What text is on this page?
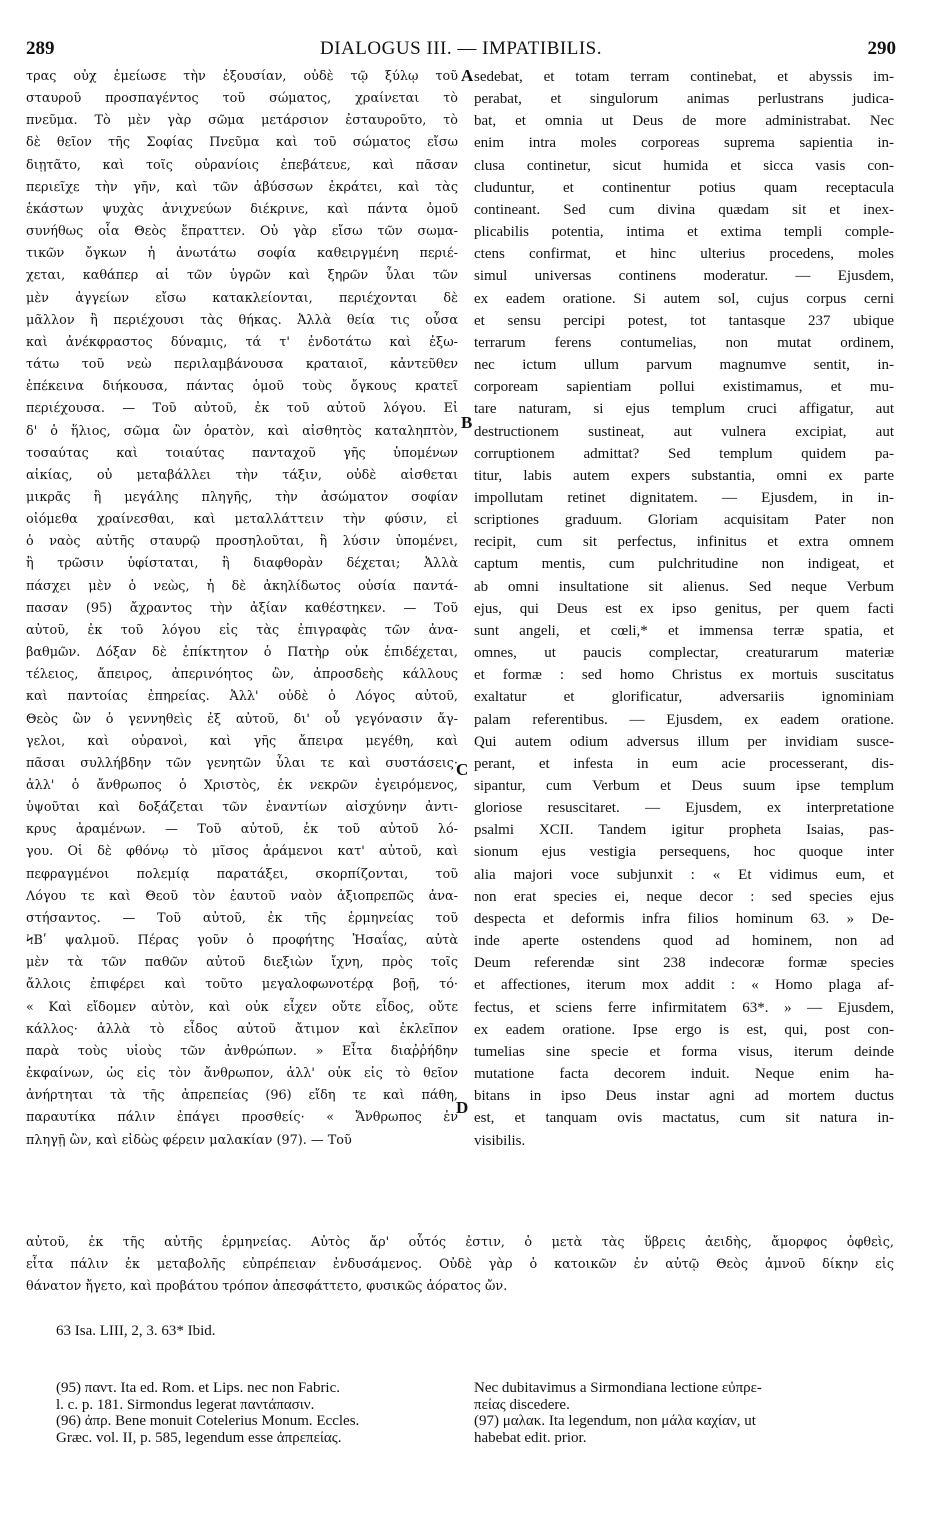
289	DIALOGUS III. — IMPATIBILIS.	290
τρας οὐχ ἐμείωσε τὴν ἐξουσίαν, οὐδὲ τῷ ξύλῳ τοῦ
σταυροῦ προσπαγέντος τοῦ σώματος, χραίνεται τὸ
πνεῦμα. Τὸ μὲν γὰρ σῶμα μετάρσιον ἐσταυροῦτο, τὸ
δὲ θεῖον τῆς Σοφίας Πνεῦμα καὶ τοῦ σώματος εἴσω
διῃτᾶτο, καὶ τοῖς οὐρανίοις ἐπεβάτευε, καὶ πᾶσαν
περιεῖχε τὴν γῆν, καὶ τῶν ἀβύσσων ἐκράτει, καὶ τὰς
ἑκάστων ψυχὰς ἀνιχνεύων διέκρινε, καὶ πάντα ὁμοῦ
συνήθως οἷα Θεὸς ἔπραττεν. Οὐ γὰρ εἴσω τῶν σωμα-
τικῶν ὄγκων ἡ ἀνωτάτω σοφία καθειργμένη περιέ-
χεται, καθάπερ αἱ τῶν ὑγρῶν καὶ ξηρῶν ὗλαι τῶν
μὲν ἀγγείων εἴσω κατακλείονται, περιέχονται δὲ
μᾶλλον ἢ περιέχουσι τὰς θήκας. Ἀλλὰ θεία τις οὖσα
καὶ ἀνέκφραστος δύναμις, τά τ' ἐνδοτάτω καὶ ἐξω-
τάτω τοῦ νεὼ περιλαμβάνουσα κραταιοῖ, κἀντεῦθεν
ἐπέκεινα διήκουσα, πάντας ὁμοῦ τοὺς ὄγκους κρατεῖ
περιέχουσα. — Τοῦ αὐτοῦ, ἐκ τοῦ αὐτοῦ λόγου. Εἰ
δ' ὁ ἥλιος, σῶμα ὢν ὁρατὸν, καὶ αἰσθητὸς καταληπτὸν,
τοσαύτας καὶ τοιαύτας πανταχοῦ γῆς ὑπομένων
αἰκίας, οὐ μεταβάλλει τὴν τάξιν, οὐδὲ αἰσθεται
μικρᾶς ἢ μεγάλης πληγῆς, τὴν ἀσώματον σοφίαν
οἰόμεθα χραίνεσθαι, καὶ μεταλλάττειν τὴν φύσιν, εἰ
ὁ ναὸς αὐτῆς σταυρῷ προσηλοῦται, ἢ λύσιν ὑπομένει,
ἢ τρῶσιν ὑφίσταται, ἢ διαφθορὰν δέχεται; Ἀλλὰ
πάσχει μὲν ὁ νεὼς, ἡ δὲ ἀκηλίδωτος οὐσία παντά-
πασαν (95) ἄχραντος τὴν ἀξίαν καθέστηκεν. — Τοῦ
αὐτοῦ, ἐκ τοῦ λόγου εἰς τὰς ἐπιγραφὰς τῶν ἀνα-
βαθμῶν. Δόξαν δὲ ἐπίκτητον ὁ Πατὴρ οὐκ ἐπιδέχεται,
τέλειος, ἄπειρος, ἀπερινόητος ὢν, ἀπροσδεὴς κάλλους
καὶ παντοίας ἐπηρείας. Ἀλλ' οὐδὲ ὁ Λόγος αὐτοῦ,
Θεὸς ὢν ὁ γεννηθεὶς ἐξ αὐτοῦ, δι' οὗ γεγόνασιν ἄγ-
γελοι, καὶ οὐρανοὶ, καὶ γῆς ἄπειρα μεγέθη, καὶ
πᾶσαι συλλήβδην τῶν γενητῶν ὗλαι τε καὶ συστάσεις·
ἀλλ' ὁ ἄνθρωπος ὁ Χριστὸς, ἐκ νεκρῶν ἐγειρόμενος,
ὑψοῦται καὶ δοξάζεται τῶν ἐναντίων αἰσχύνην ἀντι-
κρυς ἀραμένων. — Τοῦ αὐτοῦ, ἐκ τοῦ αὐτοῦ λό-
γου. Οἱ δὲ φθόνῳ τὸ μῖσος ἀράμενοι κατ' αὐτοῦ, καὶ
πεφραγμένοι πολεμίᾳ παρατάξει, σκορπίζονται, τοῦ
Λόγου τε καὶ Θεοῦ τὸν ἑαυτοῦ ναὸν ἀξιοπρεπῶς ἀνα-
στήσαντος. — Τοῦ αὐτοῦ, ἐκ τῆς ἑρμηνείας τοῦ
ϞΒʹ ψαλμοῦ. Πέρας γοῦν ὁ προφήτης Ἡσαΐας, αὐτὰ
μὲν τὰ τῶν παθῶν αὐτοῦ διεξιὼν ἴχνη, πρὸς τοῖς
ἄλλοις ἐπιφέρει καὶ τοῦτο μεγαλοφωνοτέρᾳ βοῇ, τό·
« Καὶ εἴδομεν αὐτὸν, καὶ οὐκ εἶχεν οὔτε εἶδος, οὔτε
κάλλος· ἀλλὰ τὸ εἶδος αὐτοῦ ἄτιμον καὶ ἐκλεῖπον
παρὰ τοὺς υἱοὺς τῶν ἀνθρώπων. » Εἶτα διαῤῥήδην
ἐκφαίνων, ὡς εἰς τὸν ἄνθρωπον, ἀλλ' οὐκ εἰς τὸ θεῖον
ἀνήρτηται τὰ τῆς ἀπρεπείας (96) εἴδη τε καὶ πάθη,
παραυτίκα πάλιν ἐπάγει προσθείς· « Ἄνθρωπος ἐν
πληγῇ ὢν, καὶ εἰδὼς φέρειν μαλακίαν (97). — Τοῦ
sedebat, et totam terram continebat, et abyssis im-
perabat, et singulorum animas perlustrans judica-
bat, et omnia ut Deus de more administrabat. Nec
enim intra moles corporeas suprema sapientia in-
clusa continetur, sicut humida et sicca vasis con-
cluduntur, et continentur potius quam receptacula
contineant. Sed cum divina quædam sit et inex-
plicabilis potentia, intima et extima templi comple-
ctens confirmat, et hinc ulterius procedens, moles
simul universas continens moderatur. — Ejusdem,
ex eadem oratione. Si autem sol, cujus corpus cerni
et sensu percipi potest, tot tantasque 237 ubique
terrarum ferens contumelias, non mutat ordinem,
nec ictum ullum parvum magnumve sentit, in-
corpoream sapientiam pollui existimamus, et mu-
tare naturam, si ejus templum cruci affigatur, aut
destructionem sustineat, aut vulnera excipiat, aut
corruptionem admittat? Sed templum quidem pa-
titur, labis autem expers substantia, omni ex parte
impollutam retinet dignitatem. — Ejusdem, in in-
scriptiones graduum. Gloriam acquisitam Pater non
recipit, cum sit perfectus, infinitus et extra omnem
captum mentis, cum pulchritudine non indigeat, et
ab omni insultatione sit alienus. Sed neque Verbum
ejus, qui Deus est ex ipso genitus, per quem facti
sunt angeli, et cœli,* et immensa terræ spatia, et
omnes, ut paucis complectar, creaturarum materiæ
et formæ : sed homo Christus ex mortuis suscitatus
exaltatur et glorificatur, adversariis ignominiam
palam referentibus. — Ejusdem, ex eadem oratione.
Qui autem odium adversus illum per invidiam susce-
perant, et infesta in eum acie processerant, dis-
sipantur, cum Verbum et Deus suum ipse templum
gloriose resuscitaret. — Ejusdem, ex interpretatione
psalmi XCII. Tandem igitur propheta Isaias, pas-
sionum ejus vestigia persequens, hoc quoque inter
alia majori voce subjunxit : « Et vidimus eum, et
non erat species ei, neque decor : sed species ejus
despecta et deformis infra filios hominum 63. » De-
inde aperte ostendens quod ad hominem, non ad
Deum referendæ sint 238 indecoræ formæ species
et affectiones, iterum mox addit : « Homo plaga af-
fectus, et sciens ferre infirmitatem 63*. » — Ejusdem,
ex eadem oratione. Ipse ergo is est, qui, post con-
tumelias sine specie et forma visus, iterum deinde
mutatione facta decorem induit. Neque enim ha-
bitans in ipso Deus instar agni ad mortem ductus
est, et tanquam ovis mactatus, cum sit natura in-
visibilis.
A
B
C
D
αὐτοῦ, ἐκ τῆς αὐτῆς ἑρμηνείας. Αὐτὸς ἄρ' οὗτός ἐστιν, ὁ μετὰ τὰς ὕβρεις ἀειδὴς, ἄμορφος ὀφθεὶς,
εἶτα πάλιν ἐκ μεταβολῆς εὐπρέπειαν ἐνδυσάμενος. Οὐδὲ γὰρ ὁ κατοικῶν ἐν αὐτῷ Θεὸς ἀμνοῦ δίκην εἰς
θάνατον ἤγετο, καὶ προβάτου τρόπον ἀπεσφάττετο, φυσικῶς ἀόρατος ὤν.
63 Isa. LIII, 2, 3. 63* Ibid.
(95) παντ. Ita ed. Rom. et Lips. nec non Fabric.
l. c. p. 181. Sirmondus legerat παντάπασιν.
(96) ἀπρ. Bene monuit Cotelerius Monum. Eccles.
Græc. vol. II, p. 585, legendum esse ἀπρεπείας.
Nec dubitavimus a Sirmondiana lectione εὐπρε-
πείας discedere.
(97) μαλακ. Ita legendum, non μάλα καχίαν, ut
habebat edit. prior.
